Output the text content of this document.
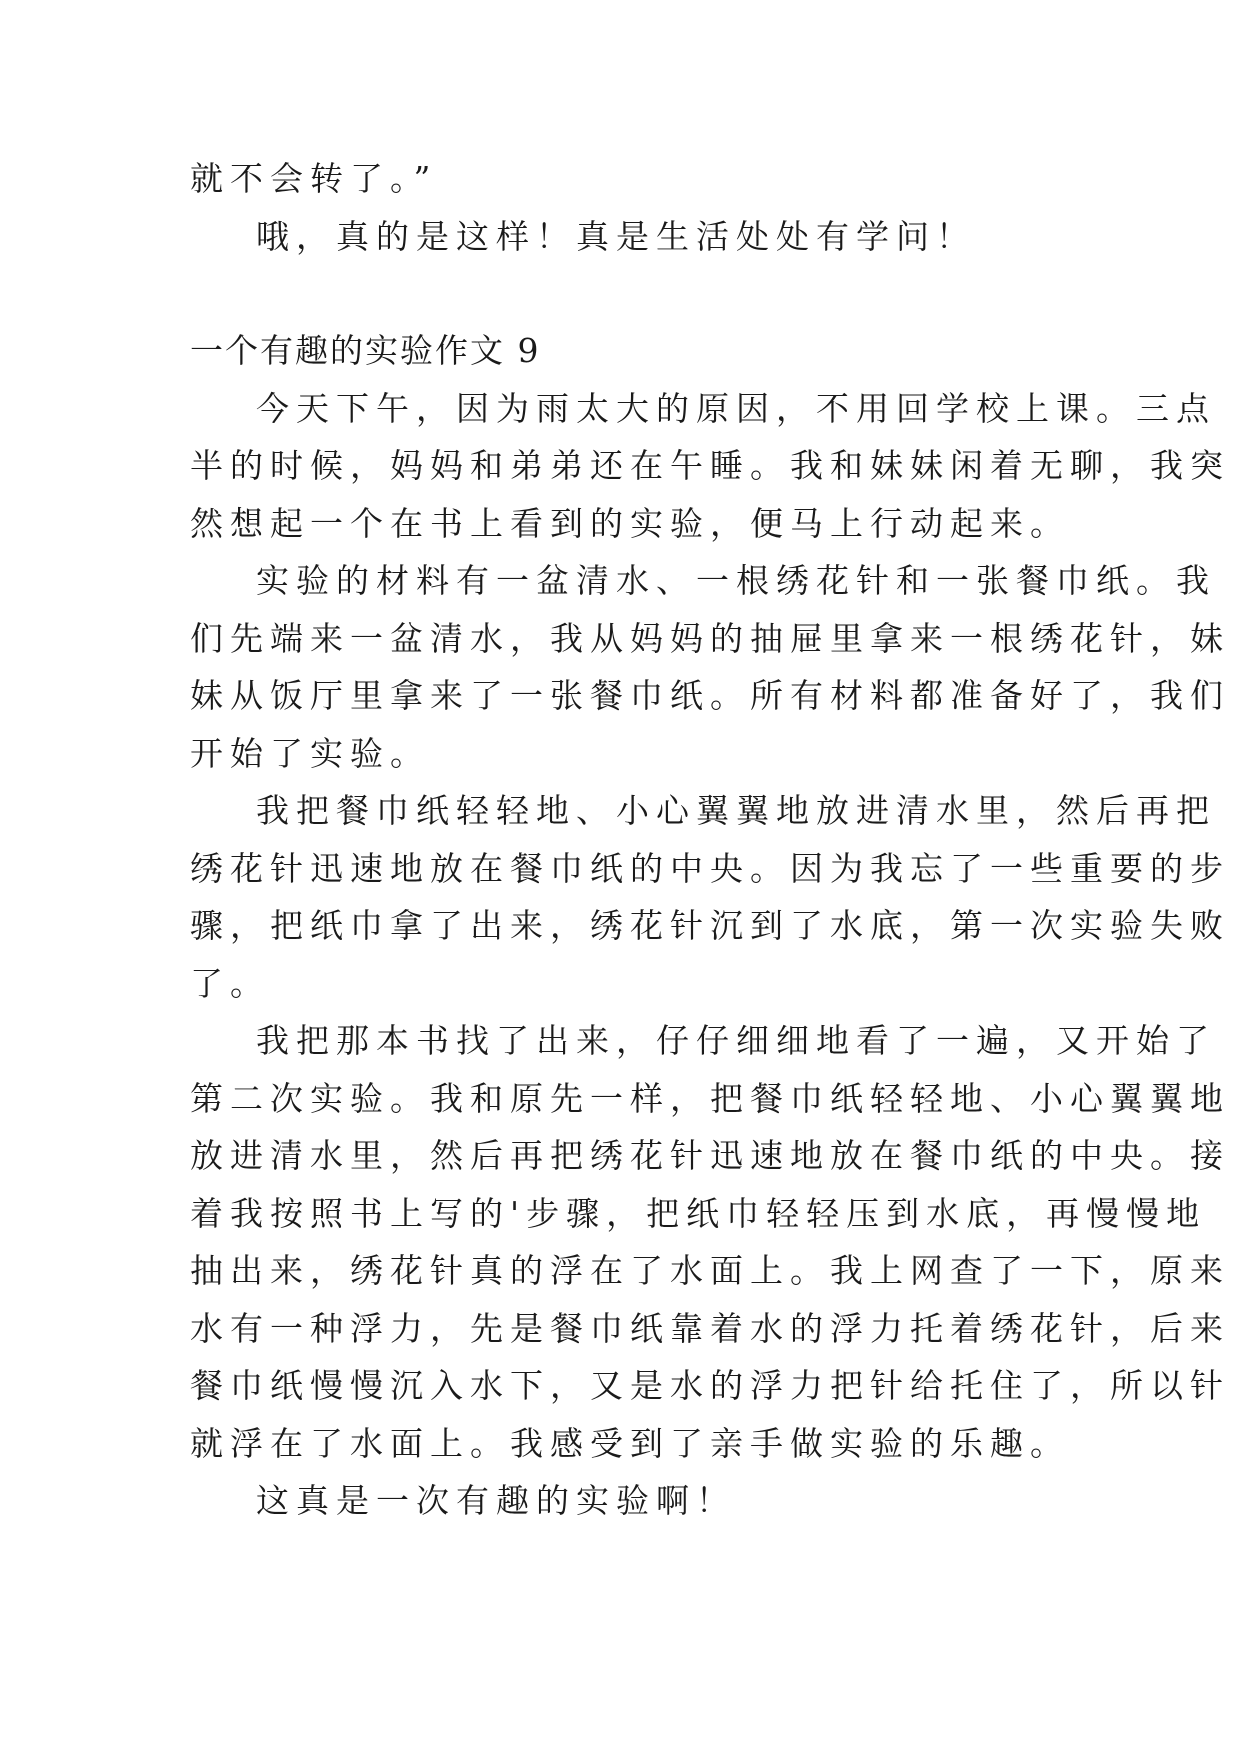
就不会转了。”
哦，真的是这样！真是生活处处有学问！
一个有趣的实验作文 9
今天下午，因为雨太大的原因，不用回学校上课。三点
半的时候，妈妈和弟弟还在午睡。我和妹妹闲着无聊，我突
然想起一个在书上看到的实验，便马上行动起来。
实验的材料有一盆清水、一根绣花针和一张餐巾纸。我
们先端来一盆清水，我从妈妈的抽屉里拿来一根绣花针，妹
妹从饭厅里拿来了一张餐巾纸。所有材料都准备好了，我们
开始了实验。
我把餐巾纸轻轻地、小心翼翼地放进清水里，然后再把
绣花针迅速地放在餐巾纸的中央。因为我忘了一些重要的步
骤，把纸巾拿了出来，绣花针沉到了水底，第一次实验失败
了。
我把那本书找了出来，仔仔细细地看了一遍，又开始了
第二次实验。我和原先一样，把餐巾纸轻轻地、小心翼翼地
放进清水里，然后再把绣花针迅速地放在餐巾纸的中央。接
着我按照书上写的'步骤，把纸巾轻轻压到水底，再慢慢地
抽出来，绣花针真的浮在了水面上。我上网查了一下，原来
水有一种浮力，先是餐巾纸靠着水的浮力托着绣花针，后来
餐巾纸慢慢沉入水下，又是水的浮力把针给托住了，所以针
就浮在了水面上。我感受到了亲手做实验的乐趣。
这真是一次有趣的实验啊！
